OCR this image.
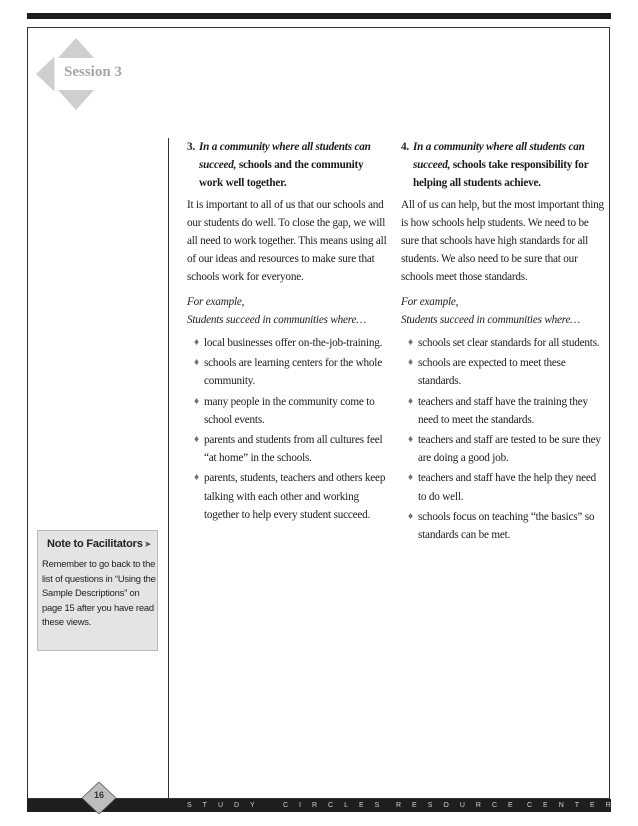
Session 3

3. In a community where all students can succeed, schools and the community work well together.

It is important to all of us that our schools and our students do well. To close the gap, we will all need to work together. This means using all of our ideas and resources to make sure that schools work for everyone.

For example,
Students succeed in communities where…

♦ local businesses offer on-the-job-training.
♦ schools are learning centers for the whole community.
♦ many people in the community come to school events.
♦ parents and students from all cultures feel “at home” in the schools.
♦ parents, students, teachers and others keep talking with each other and working together to help every student succeed.

4. In a community where all students can succeed, schools take responsibility for helping all students achieve.

All of us can help, but the most important thing is how schools help students. We need to be sure that schools have high standards for all students. We also need to be sure that our schools meet those standards.

For example,
Students succeed in communities where…

♦ schools set clear standards for all students.
♦ schools are expected to meet these standards.
♦ teachers and staff have the training they need to meet the standards.
♦ teachers and staff are tested to be sure they are doing a good job.
♦ teachers and staff have the help they need to do well.
♦ schools focus on teaching “the basics” so standards can be met.
Note to Facilitators ➤
Remember to go back to the list of questions in “Using the Sample Descriptions” on page 15 after you have read these views.
STUDY CIRCLES RESOURCE CENTER
16
